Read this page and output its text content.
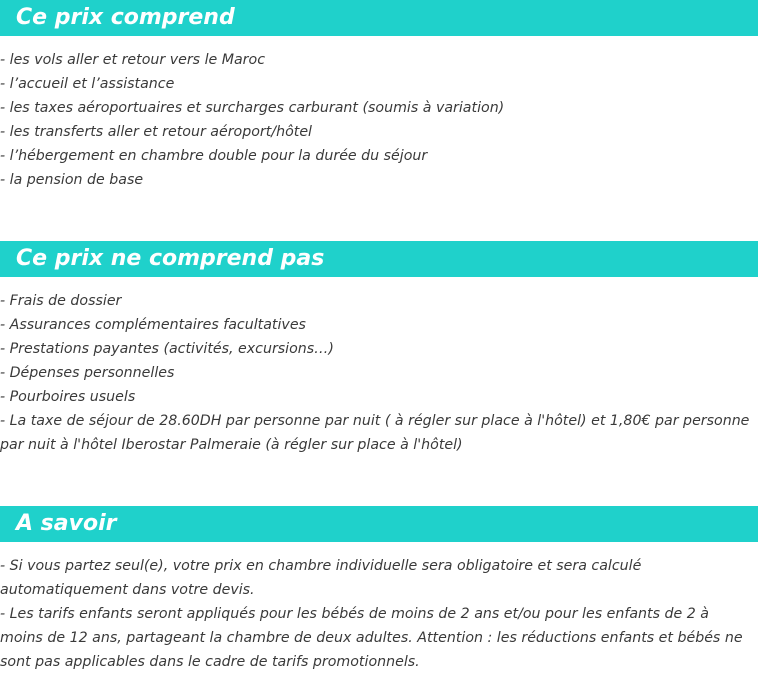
Ce prix comprend
- les vols aller et retour vers le Maroc
- l’accueil et l’assistance
- les taxes aéroportuaires et surcharges carburant (soumis à variation)
- les transferts aller et retour aéroport/hôtel
- l’hébergement en chambre double pour la durée du séjour
- la pension de base
Ce prix ne comprend pas
- Frais de dossier
- Assurances complémentaires facultatives
- Prestations payantes (activités, excursions…)
- Dépenses personnelles
- Pourboires usuels
- La taxe de séjour de 28.60DH par personne par nuit ( à régler sur place à l'hôtel) et 1,80€ par personne par nuit à l'hôtel Iberostar Palmeraie (à régler sur place à l'hôtel)
A savoir
- Si vous partez seul(e), votre prix en chambre individuelle sera obligatoire et sera calculé automatiquement dans votre devis.
- Les tarifs enfants seront appliqués pour les bébés de moins de 2 ans et/ou pour les enfants de 2 à moins de 12 ans, partageant la chambre de deux adultes. Attention : les réductions enfants et bébés ne sont pas applicables dans le cadre de tarifs promotionnels.
